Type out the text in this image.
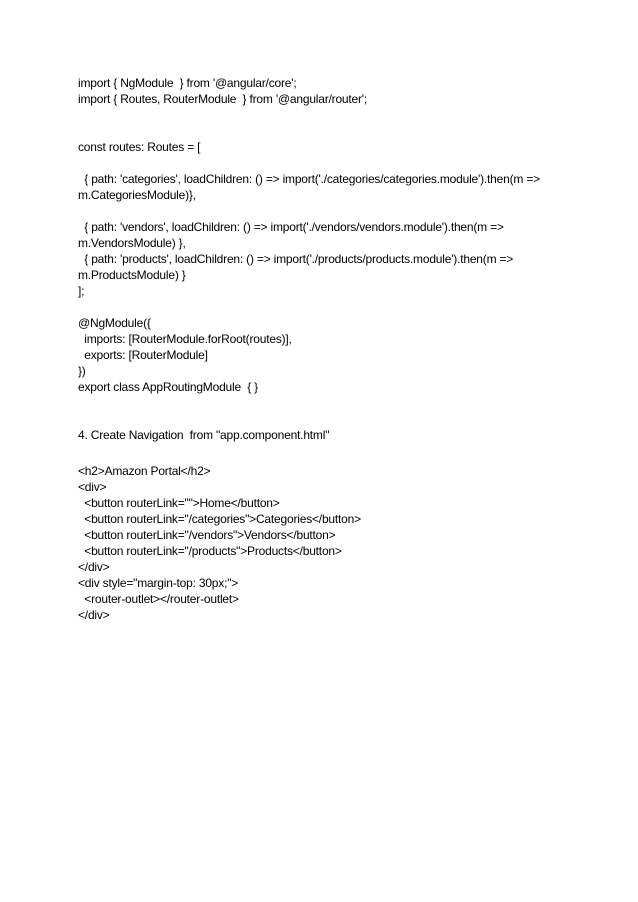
import { NgModule  } from '@angular/core';
import { Routes, RouterModule  } from '@angular/router';
const routes: Routes = [
{ path: 'categories', loadChildren: () => import('./categories/categories.module').then(m =>
m.CategoriesModule)},
{ path: 'vendors', loadChildren: () => import('./vendors/vendors.module').then(m =>
m.VendorsModule) },
{ path: 'products', loadChildren: () => import('./products/products.module').then(m =>
m.ProductsModule) }
];
@NgModule({
imports: [RouterModule.forRoot(routes)],
exports: [RouterModule]
})
export class AppRoutingModule  { }
4. Create Navigation  from "app.component.html"
<h2>Amazon Portal</h2>
<div>
<button routerLink="">Home</button>
<button routerLink="/categories">Categories</button>
<button routerLink="/vendors">Vendors</button>
<button routerLink="/products">Products</button>
</div>
<div style="margin-top: 30px;">
<router-outlet></router-outlet>
</div>
